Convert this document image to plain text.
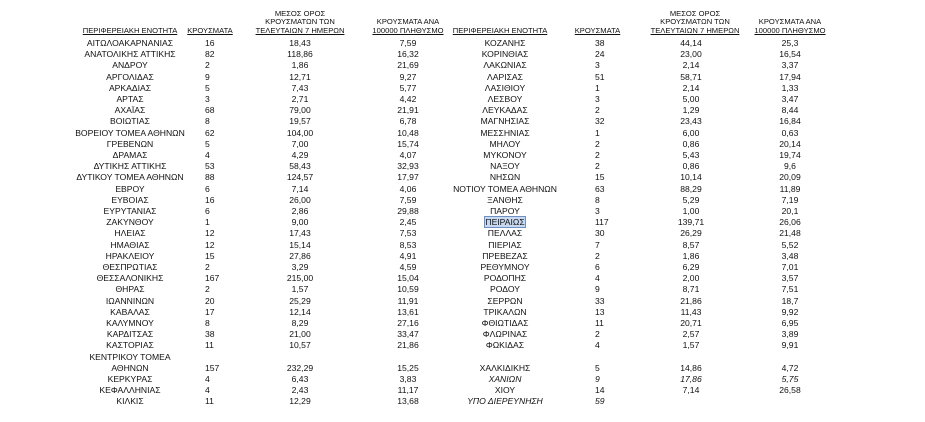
ΠΕΡΙΦΕΡΕΙΑΚΗ ΕΝΟΤΗΤΑ	ΚΡΟΥΣΜΑΤΑ
ΜΕΣΟΣ ΟΡΟΣ
ΚΡΟΥΣΜΑΤΩΝ ΤΩΝ
ΤΕΛΕΥΤΑΙΩΝ 7 ΗΜΕΡΩΝ
ΚΡΟΥΣΜΑΤΑ ΑΝΑ
100000 ΠΛΗΘΥΣΜΟ	ΠΕΡΙΦΕΡΕΙΑΚΗ ΕΝΟΤΗΤΑ	ΚΡΟΥΣΜΑΤΑ
ΜΕΣΟΣ ΟΡΟΣ
ΚΡΟΥΣΜΑΤΩΝ ΤΩΝ
ΤΕΛΕΥΤΑΙΩΝ 7 ΗΜΕΡΩΝ
ΚΡΟΥΣΜΑΤΑ ΑΝΑ
100000 ΠΛΗΘΥΣΜΟ
ΑΙΤΩΛΟΑΚΑΡΝΑΝΙΑΣ	16	18,43	7,59
ΑΝΑΤΟΛΙΚΗΣ ΑΤΤΙΚΗΣ	82	118,86	16,32
ΑΝΔΡΟΥ	2	1,86	21,69
ΑΡΓΟΛΙΔΑΣ	9	12,71	9,27
ΑΡΚΑΔΙΑΣ	5	7,43	5,77
ΑΡΤΑΣ	3	2,71	4,42
ΑΧΑΪΑΣ	68	79,00	21,91
ΒΟΙΩΤΙΑΣ	8	19,57	6,78
ΒΟΡΕΙΟΥ ΤΟΜΕΑ ΑΘΗΝΩΝ	62	104,00	10,48
ΓΡΕΒΕΝΩΝ	5	7,00	15,74
ΔΡΑΜΑΣ	4	4,29	4,07
ΔΥΤΙΚΗΣ ΑΤΤΙΚΗΣ	53	58,43	32,93
ΔΥΤΙΚΟΥ ΤΟΜΕΑ ΑΘΗΝΩΝ	88	124,57	17,97
ΕΒΡΟΥ	6	7,14	4,06
ΕΥΒΟΙΑΣ	16	26,00	7,59
ΕΥΡΥΤΑΝΙΑΣ	6	2,86	29,88
ΖΑΚΥΝΘΟΥ	1	9,00	2,45
ΗΛΕΙΑΣ	12	17,43	7,53
ΗΜΑΘΙΑΣ	12	15,14	8,53
ΗΡΑΚΛΕΙΟΥ	15	27,86	4,91
ΘΕΣΠΡΩΤΙΑΣ	2	3,29	4,59
ΘΕΣΣΑΛΟΝΙΚΗΣ	167	215,00	15,04
ΘΗΡΑΣ	2	1,57	10,59
ΙΩΑΝΝΙΝΩΝ	20	25,29	11,91
ΚΑΒΑΛΑΣ	17	12,14	13,61
ΚΑΛΥΜΝΟΥ	8	8,29	27,16
ΚΑΡΔΙΤΣΑΣ	38	21,00	33,47
ΚΑΣΤΟΡΙΑΣ	11	10,57	21,86
ΚΕΝΤΡΙΚΟΥ ΤΟΜΕΑ
ΑΘΗΝΩΝ	157	232,29	15,25
ΚΕΡΚΥΡΑΣ	4	6,43	3,83
ΚΕΦΑΛΛΗΝΙΑΣ	4	2,43	11,17
ΚΙΛΚΙΣ	11	12,29	13,68
ΚΟΖΑΝΗΣ	38	44,14	25,3
ΚΟΡΙΝΘΙΑΣ	24	23,00	16,54
ΛΑΚΩΝΙΑΣ	3	2,14	3,37
ΛΑΡΙΣΑΣ	51	58,71	17,94
ΛΑΣΙΘΙΟΥ	1	2,14	1,33
ΛΕΣΒΟΥ	3	5,00	3,47
ΛΕΥΚΑΔΑΣ	2	1,29	8,44
ΜΑΓΝΗΣΙΑΣ	32	23,43	16,84
ΜΕΣΣΗΝΙΑΣ	1	6,00	0,63
ΜΗΛΟΥ	2	0,86	20,14
ΜΥΚΟΝΟΥ	2	5,43	19,74
ΝΑΞΟΥ	2	0,86	9,6
ΝΗΣΩΝ	15	10,14	20,09
ΝΟΤΙΟΥ ΤΟΜΕΑ ΑΘΗΝΩΝ	63	88,29	11,89
ΞΑΝΘΗΣ	8	5,29	7,19
ΠΑΡΟΥ	3	1,00	20,1
ΠΕΙΡΑΙΩΣ	117	139,71	26,06
ΠΕΛΛΑΣ	30	26,29	21,48
ΠΙΕΡΙΑΣ	7	8,57	5,52
ΠΡΕΒΕΖΑΣ	2	1,86	3,48
ΡΕΘΥΜΝΟΥ	6	6,29	7,01
ΡΟΔΟΠΗΣ	4	2,00	3,57
ΡΟΔΟΥ	9	8,71	7,51
ΣΕΡΡΩΝ	33	21,86	18,7
ΤΡΙΚΑΛΩΝ	13	11,43	9,92
ΦΘΙΩΤΙΔΑΣ	11	20,71	6,95
ΦΛΩΡΙΝΑΣ	2	2,57	3,89
ΦΩΚΙΔΑΣ	4	1,57	9,91
ΧΑΛΚΙΔΙΚΗΣ	5	14,86	4,72
ΧΑΝΙΩΝ	9	17,86	5,75
ΧΙΟΥ	14	7,14	26,58
ΥΠΟ ΔΙΕΡΕΥΝΗΣΗ	59
